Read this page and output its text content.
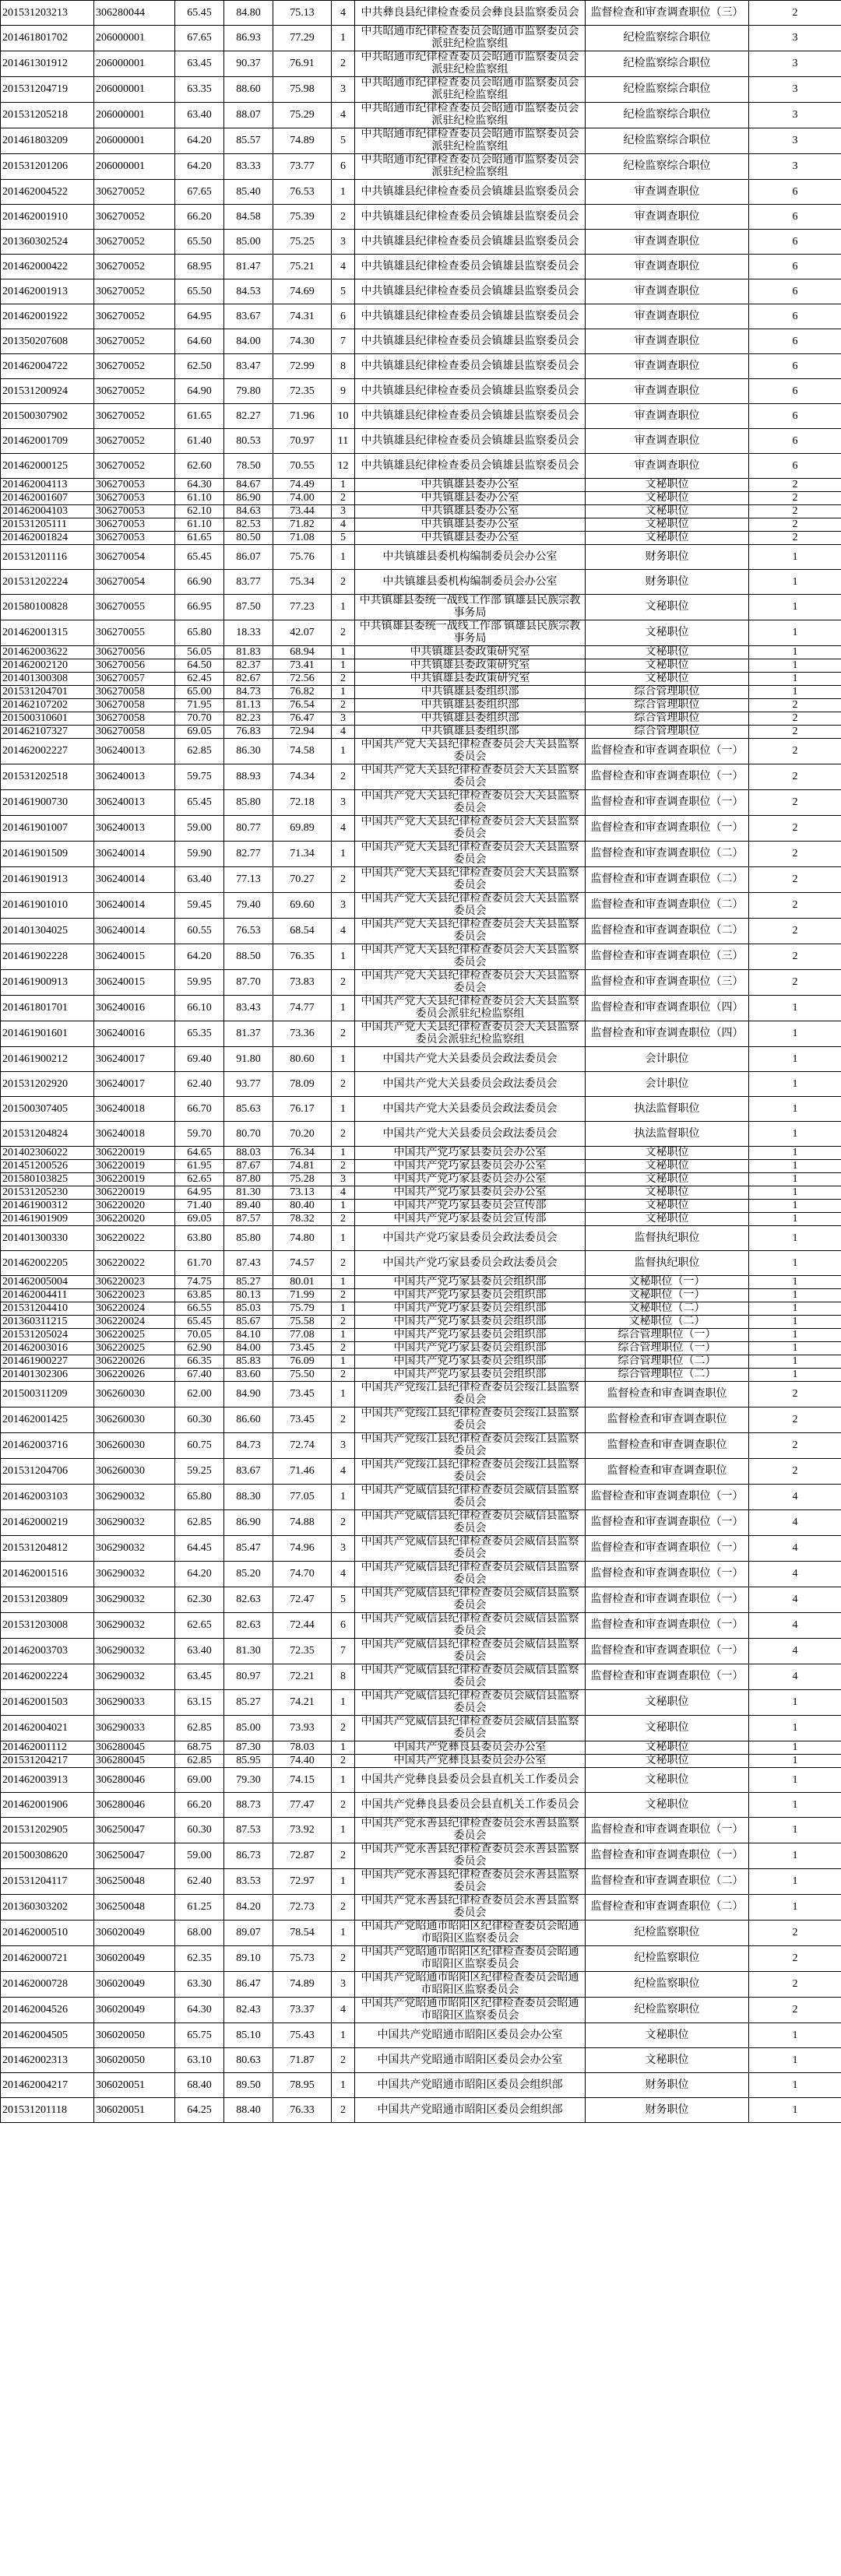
201531203213	306280044	65.45	84.80	75.13	4	中共彝良县纪律检查委员会彝良县监察委员会	监督检查和审查调查职位（三）	2
201461801702	206000001	67.65	86.93	77.29	1	中共昭通市纪律检查委员会昭通市监察委员会派驻纪检监察组	纪检监察综合职位	3
201461301912	206000001	63.45	90.37	76.91	2	中共昭通市纪律检查委员会昭通市监察委员会派驻纪检监察组	纪检监察综合职位	3
201531204719	206000001	63.35	88.60	75.98	3	中共昭通市纪律检查委员会昭通市监察委员会派驻纪检监察组	纪检监察综合职位	3
201531205218	206000001	63.40	88.07	75.29	4	中共昭通市纪律检查委员会昭通市监察委员会派驻纪检监察组	纪检监察综合职位	3
201461803209	206000001	64.20	85.57	74.89	5	中共昭通市纪律检查委员会昭通市监察委员会派驻纪检监察组	纪检监察综合职位	3
201531201206	206000001	64.20	83.33	73.77	6	中共昭通市纪律检查委员会昭通市监察委员会派驻纪检监察组	纪检监察综合职位	3
201462004522	306270052	67.65	85.40	76.53	1	中共镇雄县纪律检查委员会镇雄县监察委员会	审查调查职位	6
201462001910	306270052	66.20	84.58	75.39	2	中共镇雄县纪律检查委员会镇雄县监察委员会	审查调查职位	6
201360302524	306270052	65.50	85.00	75.25	3	中共镇雄县纪律检查委员会镇雄县监察委员会	审查调查职位	6
201462000422	306270052	68.95	81.47	75.21	4	中共镇雄县纪律检查委员会镇雄县监察委员会	审查调查职位	6
201462001913	306270052	65.50	84.53	74.69	5	中共镇雄县纪律检查委员会镇雄县监察委员会	审查调查职位	6
201462001922	306270052	64.95	83.67	74.31	6	中共镇雄县纪律检查委员会镇雄县监察委员会	审查调查职位	6
201350207608	306270052	64.60	84.00	74.30	7	中共镇雄县纪律检查委员会镇雄县监察委员会	审查调查职位	6
201462004722	306270052	62.50	83.47	72.99	8	中共镇雄县纪律检查委员会镇雄县监察委员会	审查调查职位	6
201531200924	306270052	64.90	79.80	72.35	9	中共镇雄县纪律检查委员会镇雄县监察委员会	审查调查职位	6
201500307902	306270052	61.65	82.27	71.96	10	中共镇雄县纪律检查委员会镇雄县监察委员会	审查调查职位	6
201462001709	306270052	61.40	80.53	70.97	11	中共镇雄县纪律检查委员会镇雄县监察委员会	审查调查职位	6
201462000125	306270052	62.60	78.50	70.55	12	中共镇雄县纪律检查委员会镇雄县监察委员会	审查调查职位	6
201462004113	306270053	64.30	84.67	74.49	1	中共镇雄县委办公室	文秘职位	2
201462001607	306270053	61.10	86.90	74.00	2	中共镇雄县委办公室	文秘职位	2
201462004103	306270053	62.10	84.63	73.44	3	中共镇雄县委办公室	文秘职位	2
201531205111	306270053	61.10	82.53	71.82	4	中共镇雄县委办公室	文秘职位	2
201462001824	306270053	61.65	80.50	71.08	5	中共镇雄县委办公室	文秘职位	2
201531201116	306270054	65.45	86.07	75.76	1	中共镇雄县委机构编制委员会办公室	财务职位	1
201531202224	306270054	66.90	83.77	75.34	2	中共镇雄县委机构编制委员会办公室	财务职位	1
201580100828	306270055	66.95	87.50	77.23	1	中共镇雄县委统一战线工作部 镇雄县民族宗教事务局	文秘职位	1
201462001315	306270055	65.80	18.33	42.07	2	中共镇雄县委统一战线工作部 镇雄县民族宗教事务局	文秘职位	1
201462003622	306270056	56.05	81.83	68.94	1	中共镇雄县委政策研究室	文秘职位	1
201462002120	306270056	64.50	82.37	73.41	1	中共镇雄县委政策研究室	文秘职位	1
201401300308	306270057	62.45	82.67	72.56	2	中共镇雄县委政策研究室	文秘职位	1
201531204701	306270058	65.00	84.73	76.82	1	中共镇雄县委组织部	综合管理职位	1
201462107202	306270058	71.95	81.13	76.54	2	中共镇雄县委组织部	综合管理职位	2
201500310601	306270058	70.70	82.23	76.47	3	中共镇雄县委组织部	综合管理职位	2
201462107327	306270058	69.05	76.83	72.94	4	中共镇雄县委组织部	综合管理职位	2
201462002227	306240013	62.85	86.30	74.58	1	中国共产党大关县纪律检查委员会大关县监察委员会	监督检查和审查调查职位（一）	2
201531202518	306240013	59.75	88.93	74.34	2	中国共产党大关县纪律检查委员会大关县监察委员会	监督检查和审查调查职位（一）	2
201461900730	306240013	65.45	85.80	72.18	3	中国共产党大关县纪律检查委员会大关县监察委员会	监督检查和审查调查职位（一）	2
201461901007	306240013	59.00	80.77	69.89	4	中国共产党大关县纪律检查委员会大关县监察委员会	监督检查和审查调查职位（一）	2
201461901509	306240014	59.90	82.77	71.34	1	中国共产党大关县纪律检查委员会大关县监察委员会	监督检查和审查调查职位（二）	2
201461901913	306240014	63.40	77.13	70.27	2	中国共产党大关县纪律检查委员会大关县监察委员会	监督检查和审查调查职位（二）	2
201461901010	306240014	59.45	79.40	69.60	3	中国共产党大关县纪律检查委员会大关县监察委员会	监督检查和审查调查职位（二）	2
201401304025	306240014	60.55	76.53	68.54	4	中国共产党大关县纪律检查委员会大关县监察委员会	监督检查和审查调查职位（二）	2
201461902228	306240015	64.20	88.50	76.35	1	中国共产党大关县纪律检查委员会大关县监察委员会	监督检查和审查调查职位（三）	2
201461900913	306240015	59.95	87.70	73.83	2	中国共产党大关县纪律检查委员会大关县监察委员会	监督检查和审查调查职位（三）	2
201461801701	306240016	66.10	83.43	74.77	1	中国共产党大关县纪律检查委员会大关县监察委员会派驻纪检监察组	监督检查和审查调查职位（四）	1
201461901601	306240016	65.35	81.37	73.36	2	中国共产党大关县纪律检查委员会大关县监察委员会派驻纪检监察组	监督检查和审查调查职位（四）	1
201461900212	306240017	69.40	91.80	80.60	1	中国共产党大关县委员会政法委员会	会计职位	1
201531202920	306240017	62.40	93.77	78.09	2	中国共产党大关县委员会政法委员会	会计职位	1
201500307405	306240018	66.70	85.63	76.17	1	中国共产党大关县委员会政法委员会	执法监督职位	1
201531204824	306240018	59.70	80.70	70.20	2	中国共产党大关县委员会政法委员会	执法监督职位	1
201402306022	306220019	64.65	88.03	76.34	1	中国共产党巧家县委员会办公室	文秘职位	1
201451200526	306220019	61.95	87.67	74.81	2	中国共产党巧家县委员会办公室	文秘职位	1
201580103825	306220019	62.65	87.80	75.28	3	中国共产党巧家县委员会办公室	文秘职位	1
201531205230	306220019	64.95	81.30	73.13	4	中国共产党巧家县委员会办公室	文秘职位	1
201461900312	306220020	71.40	89.40	80.40	1	中国共产党巧家县委员会宣传部	文秘职位	1
201461901909	306220020	69.05	87.57	78.32	2	中国共产党巧家县委员会宣传部	文秘职位	1
201401300330	306220022	63.80	85.80	74.80	1	中国共产党巧家县委员会政法委员会	监督执纪职位	1
201462002205	306220022	61.70	87.43	74.57	2	中国共产党巧家县委员会政法委员会	监督执纪职位	1
201462005004	306220023	74.75	85.27	80.01	1	中国共产党巧家县委员会组织部	文秘职位（一）	1
201462004411	306220023	63.85	80.13	71.99	2	中国共产党巧家县委员会组织部	文秘职位（一）	1
201531204410	306220024	66.55	85.03	75.79	1	中国共产党巧家县委员会组织部	文秘职位（二）	1
201360311215	306220024	65.45	85.67	75.58	2	中国共产党巧家县委员会组织部	文秘职位（二）	1
201531205024	306220025	70.05	84.10	77.08	1	中国共产党巧家县委员会组织部	综合管理职位（一）	1
201462003016	306220025	62.90	84.00	73.45	2	中国共产党巧家县委员会组织部	综合管理职位（一）	1
201461900227	306220026	66.35	85.83	76.09	1	中国共产党巧家县委员会组织部	综合管理职位（二）	1
201401302306	306220026	67.40	83.60	75.50	2	中国共产党巧家县委员会组织部	综合管理职位（二）	1
201500311209	306260030	62.00	84.90	73.45	1	中国共产党绥江县纪律检查委员会绥江县监察委员会	监督检查和审查调查职位	2
201462001425	306260030	60.30	86.60	73.45	2	中国共产党绥江县纪律检查委员会绥江县监察委员会	监督检查和审查调查职位	2
201462003716	306260030	60.75	84.73	72.74	3	中国共产党绥江县纪律检查委员会绥江县监察委员会	监督检查和审查调查职位	2
201531204706	306260030	59.25	83.67	71.46	4	中国共产党绥江县纪律检查委员会绥江县监察委员会	监督检查和审查调查职位	2
201462003103	306290032	65.80	88.30	77.05	1	中国共产党威信县纪律检查委员会威信县监察委员会	监督检查和审查调查职位（一）	4
201462000219	306290032	62.85	86.90	74.88	2	中国共产党威信县纪律检查委员会威信县监察委员会	监督检查和审查调查职位（一）	4
201531204812	306290032	64.45	85.47	74.96	3	中国共产党威信县纪律检查委员会威信县监察委员会	监督检查和审查调查职位（一）	4
201462001516	306290032	64.20	85.20	74.70	4	中国共产党威信县纪律检查委员会威信县监察委员会	监督检查和审查调查职位（一）	4
201531203809	306290032	62.30	82.63	72.47	5	中国共产党威信县纪律检查委员会威信县监察委员会	监督检查和审查调查职位（一）	4
201531203008	306290032	62.65	82.63	72.44	6	中国共产党威信县纪律检查委员会威信县监察委员会	监督检查和审查调查职位（一）	4
201462003703	306290032	63.40	81.30	72.35	7	中国共产党威信县纪律检查委员会威信县监察委员会	监督检查和审查调查职位（一）	4
201462002224	306290032	63.45	80.97	72.21	8	中国共产党威信县纪律检查委员会威信县监察委员会	监督检查和审查调查职位（一）	4
201462001503	306290033	63.15	85.27	74.21	1	中国共产党威信县纪律检查委员会威信县监察委员会	文秘职位	1
201462004021	306290033	62.85	85.00	73.93	2	中国共产党威信县纪律检查委员会威信县监察委员会	文秘职位	1
201462001112	306280045	68.75	87.30	78.03	1	中国共产党彝良县委员会办公室	文秘职位	1
201531204217	306280045	62.85	85.95	74.40	2	中国共产党彝良县委员会办公室	文秘职位	1
201462003913	306280046	69.00	79.30	74.15	1	中国共产党彝良县委员会县直机关工作委员会	文秘职位	1
201462001906	306280046	66.20	88.73	77.47	2	中国共产党彝良县委员会县直机关工作委员会	文秘职位	1
201531202905	306250047	60.30	87.53	73.92	1	中国共产党永善县纪律检查委员会永善县监察委员会	监督检查和审查调查职位（一）	1
201500308620	306250047	59.00	86.73	72.87	2	中国共产党永善县纪律检查委员会永善县监察委员会	监督检查和审查调查职位（一）	1
201531204117	306250048	62.40	83.53	72.97	1	中国共产党永善县纪律检查委员会永善县监察委员会	监督检查和审查调查职位（二）	1
201360303202	306250048	61.25	84.20	72.73	2	中国共产党永善县纪律检查委员会永善县监察委员会	监督检查和审查调查职位（二）	1
201462000510	306020049	68.00	89.07	78.54	1	中国共产党昭通市昭阳区纪律检查委员会昭通市昭阳区监察委员会	纪检监察职位	2
201462000721	306020049	62.35	89.10	75.73	2	中国共产党昭通市昭阳区纪律检查委员会昭通市昭阳区监察委员会	纪检监察职位	2
201462000728	306020049	63.30	86.47	74.89	3	中国共产党昭通市昭阳区纪律检查委员会昭通市昭阳区监察委员会	纪检监察职位	2
201462004526	306020049	64.30	82.43	73.37	4	中国共产党昭通市昭阳区纪律检查委员会昭通市昭阳区监察委员会	纪检监察职位	2
201462004505	306020050	65.75	85.10	75.43	1	中国共产党昭通市昭阳区委员会办公室	文秘职位	1
201462002313	306020050	63.10	80.63	71.87	2	中国共产党昭通市昭阳区委员会办公室	文秘职位	1
201462004217	306020051	68.40	89.50	78.95	1	中国共产党昭通市昭阳区委员会组织部	财务职位	1
201531201118	306020051	64.25	88.40	76.33	2	中国共产党昭通市昭阳区委员会组织部	财务职位	1
